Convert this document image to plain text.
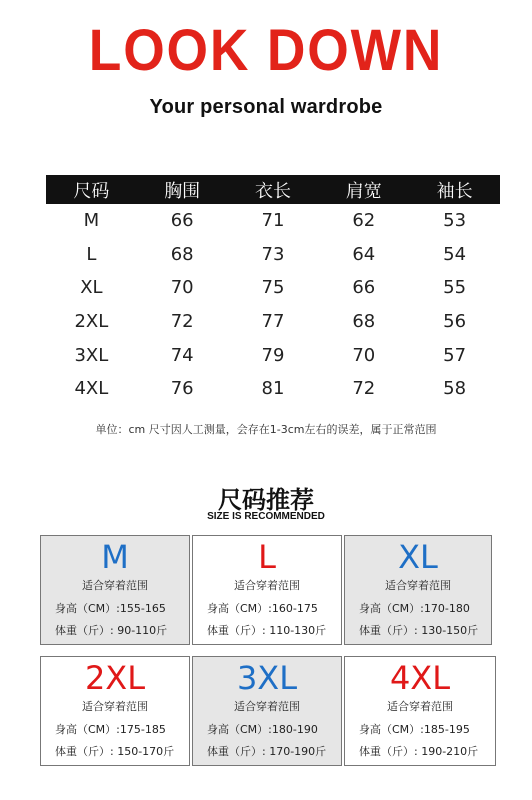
LOOK DOWN
Your personal wardrobe
尺码	胸围	衣长	肩宽	袖长
M	66	71	62	53
L	68	73	64	54
XL	70	75	66	55
2XL	72	77	68	56
3XL	74	79	70	57
4XL	76	81	72	58
单位：cm 尺寸因人工测量，会存在1-3cm左右的误差，属于正常范围
尺码推荐
SIZE IS RECOMMENDED
M
适合穿着范围
身高（CM）:155-165
体重（斤）: 90-110斤
L
适合穿着范围
身高（CM）:160-175
体重（斤）: 110-130斤
XL
适合穿着范围
身高（CM）:170-180
体重（斤）: 130-150斤
2XL
适合穿着范围
身高（CM）:175-185
体重（斤）: 150-170斤
3XL
适合穿着范围
身高（CM）:180-190
体重（斤）: 170-190斤
4XL
适合穿着范围
身高（CM）:185-195
体重（斤）: 190-210斤
